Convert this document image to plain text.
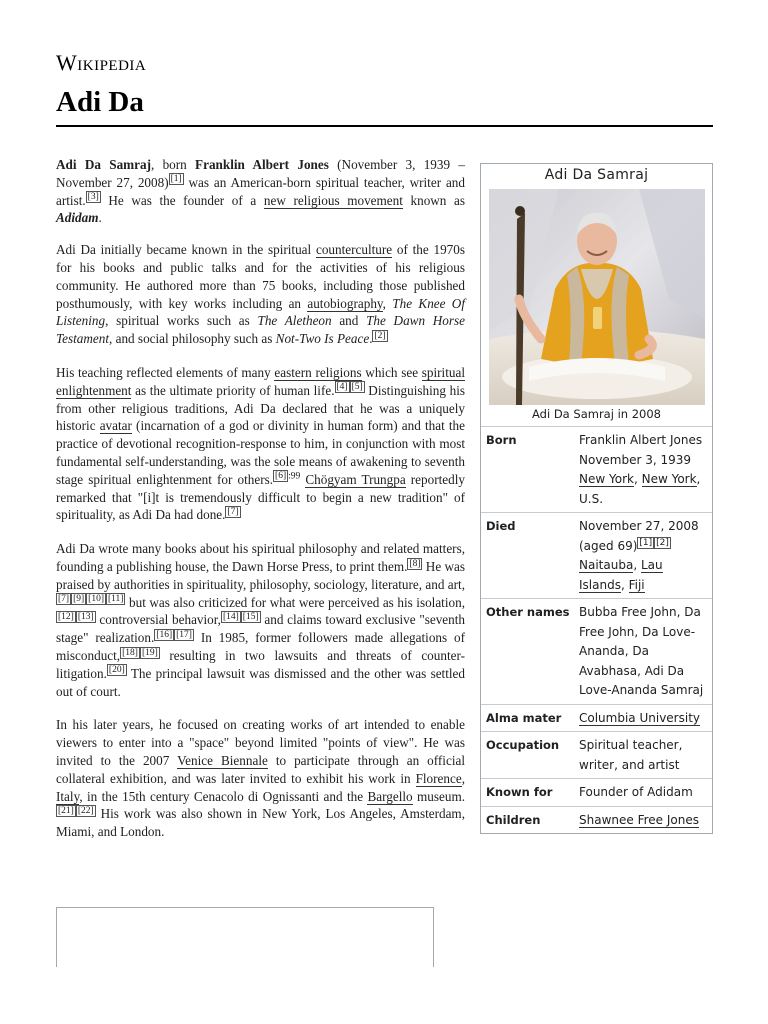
Wikipedia
Adi Da

Adi Da Samraj, born Franklin Albert Jones (November 3, 1939 – November 27, 2008) [1] was an American-born spiritual teacher, writer and artist. [3] He was the founder of a new religious movement known as Adidam.

Adi Da initially became known in the spiritual counterculture of the 1970s for his books and public talks and for the activities of his religious community. He authored more than 75 books, including those published posthumously, with key works including an autobiography, The Knee Of Listening, spiritual works such as The Aletheon and The Dawn Horse Testament, and social philosophy such as Not-Two Is Peace. [2]

His teaching reflected elements of many eastern religions which see spiritual enlightenment as the ultimate priority of human life. [4] [5] Distinguishing his from other religious traditions, Adi Da declared that he was a uniquely historic avatar (incarnation of a god or divinity in human form) and that the practice of devotional recognition-response to him, in conjunction with most fundamental self-understanding, was the sole means of awakening to seventh stage spiritual enlightenment for others. [6] $^{:99}$ Chögyam Trungpa reportedly remarked that "[i]t is tremendously difficult to begin a new tradition" of spirituality, as Adi Da had done. [7]

Adi Da wrote many books about his spiritual philosophy and related matters, founding a publishing house, the Dawn Horse Press, to print them. [8] He was praised by authorities in spirituality, philosophy, sociology, literature, and art,[7] [9] [10] [11] but was also criticized for what were perceived as his isolation,[12] [13] controversial behavior, [14] [15] and claims toward exclusive "seventh stage" realization. [16] [17] In 1985, former followers made allegations of misconduct, [18] [19] resulting in two lawsuits and threats of counter-litigation. [20] The principal lawsuit was dismissed and the other was settled out of court.

In his later years, he focused on creating works of art intended to enable viewers to enter into a "space" beyond limited "points of view". He was invited to the 2007 Venice Biennale to participate through an official collateral exhibition, and was later invited to exhibit his work in Florence, Italy, in the 15th century Cenacolo di Ognissanti and the Bargello museum.[21] [22] His work was also shown in New York, Los Angeles, Amsterdam, Miami, and London.

Adi Da Samraj
Adi Da Samraj in 2008
Born	Franklin Albert Jones
November 3, 1939
New York, New York, U.S.
Died	November 27, 2008
(aged 69) [1] [2]
Naitauba, Lau Islands, Fiji
Other names Bubba Free John, Da Free John, Da Love-Ananda, Da Avabhasa, Adi Da Love-Ananda Samraj
Alma mater	Columbia University
Occupation	Spiritual teacher, writer, and artist
Known for	Founder of Adidam
Children	Shawnee Free Jones
